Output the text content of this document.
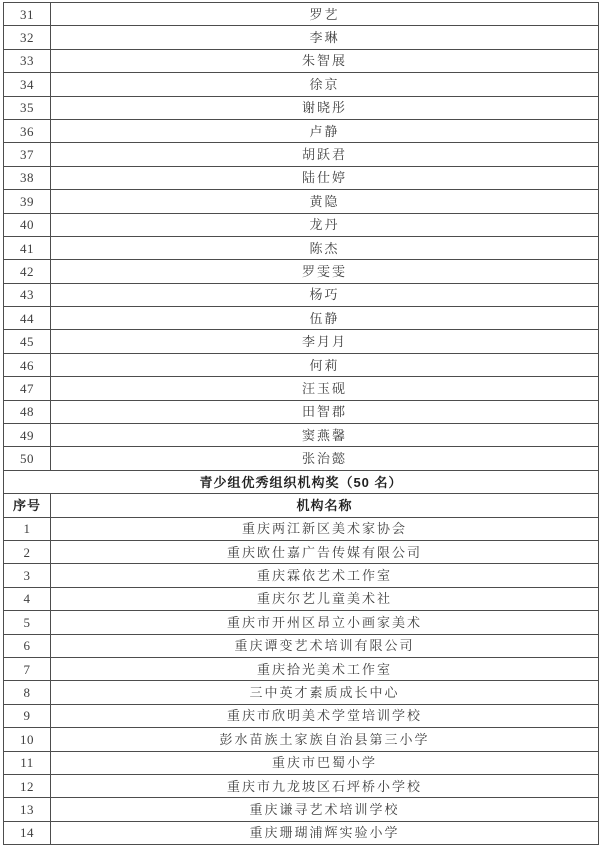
31	罗艺
32	李琳
33	朱智展
34	徐京
35	谢晓彤
36	卢静
37	胡跃君
38	陆仕婷
39	黄隐
40	龙丹
41	陈杰
42	罗雯雯
43	杨巧
44	伍静
45	李月月
46	何莉
47	汪玉砚
48	田智郡
49	窦燕馨
50	张治懿
青少组优秀组织机构奖（50 名）	
序号	机构名称
1	重庆两江新区美术家协会
2	重庆欧仕嘉广告传媒有限公司
3	重庆霖依艺术工作室
4	重庆尔艺儿童美术社
5	重庆市开州区昂立小画家美术
6	重庆谭变艺术培训有限公司
7	重庆拾光美术工作室
8	三中英才素质成长中心
9	重庆市欣明美术学堂培训学校
10	彭水苗族土家族自治县第三小学
11	重庆市巴蜀小学
12	重庆市九龙坡区石坪桥小学校
13	重庆谦寻艺术培训学校
14	重庆珊瑚浦辉实验小学
